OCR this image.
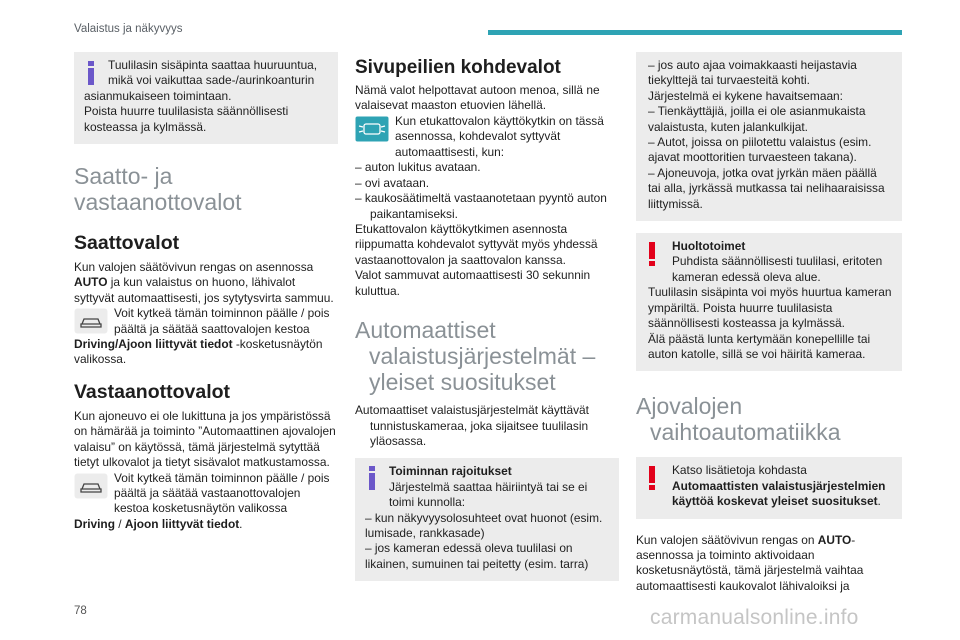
Valaistus ja näkyvyys

Tuulilasin sisäpinta saattaa huuruuntua,

mikä voi vaikuttaa sade-/aurinkoanturin

asianmukaiseen toimintaan.

Poista huurre tuulilasista säännöllisesti

kosteassa ja kylmässä.

Saatto- ja

vastaanottovalot

Saattovalot

Kun valojen säätövivun rengas on asennossa AUTO ja kun valaistus on huono, lähivalot syttyvät automaattisesti, jos sytytysvirta sammuu.

Voit kytkeä tämän toiminnon päälle / pois päältä ja säätää saattovalojen kestoa

Driving/Ajoon liittyvät tiedot -kosketusnäytön valikossa.

Vastaanottovalot

Kun ajoneuvo ei ole lukittuna ja jos ympäristössä on hämärää ja toiminto ”Automaattinen ajovalojen valaisu” on käytössä, tämä järjestelmä sytyttää tietyt ulkovalot ja tietyt sisävalot matkustamossa.

Voit kytkeä tämän toiminnon päälle / pois päältä ja säätää vastaanottovalojen kestoa kosketusnäytön valikossa

Driving / Ajoon liittyvät tiedot.

Sivupeilien kohdevalot

Nämä valot helpottavat autoon menoa, sillä ne valaisevat maaston etuovien lähellä.

Kun etukattovalon käyttökytkin on tässä asennossa, kohdevalot syttyvät automaattisesti, kun:

– auton lukitus avataan.

– ovi avataan.

– kaukosäätimeltä vastaanotetaan pyyntö auton paikantamiseksi.

Etukattovalon käyttökytkimen asennosta riippumatta kohdevalot syttyvät myös yhdessä vastaanottovalon ja saattovalon kanssa.

Valot sammuvat automaattisesti 30 sekunnin kuluttua.

Automaattiset

valaistusjärjestelmät –

yleiset suositukset

Automaattiset valaistusjärjestelmät käyttävät tunnistuskameraa, joka sijaitsee tuulilasin yläosassa.

Toiminnan rajoitukset

Järjestelmä saattaa häiriintyä tai se ei toimi kunnolla:

– kun näkyvyysolosuhteet ovat huonot (esim. lumisade, rankkasade)

– jos kameran edessä oleva tuulilasi on likainen, sumuinen tai peitetty (esim. tarra)

– jos auto ajaa voimakkaasti heijastavia tiekylttejä tai turvaesteitä kohti.

Järjestelmä ei kykene havaitsemaan:

– Tienkäyttäjiä, joilla ei ole asianmukaista valaistusta, kuten jalankulkijat.

– Autot, joissa on piilotettu valaistus (esim. ajavat moottoritien turvaesteen takana).

– Ajoneuvoja, jotka ovat jyrkän mäen päällä tai alla, jyrkässä mutkassa tai nelihaaraisissa liittymissä.

Huoltotoimet

Puhdista säännöllisesti tuulilasi, eritoten kameran edessä oleva alue.

Tuulilasin sisäpinta voi myös huurtua kameran ympäriltä. Poista huurre tuulilasista säännöllisesti kosteassa ja kylmässä.

Älä päästä lunta kertymään konepellille tai auton katolle, sillä se voi häiritä kameraa.

Ajovalojen

vaihtoautomatiikka

Katso lisätietoja kohdasta

Automaattisten valaistusjärjestelmien käyttöä koskevat yleiset suositukset.

Kun valojen säätövivun rengas on AUTO-asennossa ja toiminto aktivoidaan kosketusnäytöstä, tämä järjestelmä vaihtaa automaattisesti kaukovalot lähivaloiksi ja

78	carmanualsonline.info
